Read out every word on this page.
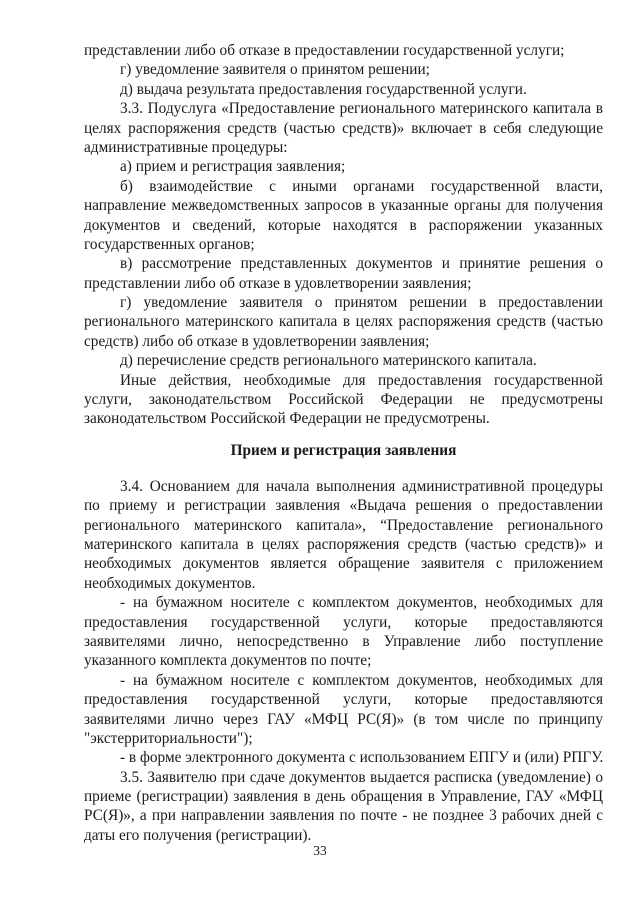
представлении либо об отказе в предоставлении государственной услуги;
г) уведомление заявителя о принятом решении;
д) выдача результата предоставления государственной услуги.
3.3. Подуслуга «Предоставление регионального материнского капитала в
целях распоряжения средств (частью средств)» включает в себя следующие
административные процедуры:
а) прием и регистрация заявления;
б) взаимодействие с иными органами государственной власти,
направление межведомственных запросов в указанные органы для получения
документов и сведений, которые находятся в распоряжении указанных
государственных органов;
в) рассмотрение представленных документов и принятие решения о
представлении либо об отказе в удовлетворении заявления;
г) уведомление заявителя о принятом решении в предоставлении
регионального материнского капитала в целях распоряжения средств (частью
средств) либо об отказе в удовлетворении заявления;
д) перечисление средств регионального материнского капитала.
Иные действия, необходимые для предоставления государственной
услуги, законодательством Российской Федерации не предусмотрены
законодательством Российской Федерации не предусмотрены.
Прием и регистрация заявления
3.4. Основанием для начала выполнения административной процедуры
по приему и регистрации заявления «Выдача решения о предоставлении
регионального материнского капитала», “Предоставление регионального
материнского капитала в целях распоряжения средств (частью средств)» и
необходимых документов является обращение заявителя с приложением
необходимых документов.
- на бумажном носителе с комплектом документов, необходимых для
предоставления государственной услуги, которые предоставляются
заявителями лично, непосредственно в Управление либо поступление
указанного комплекта документов по почте;
- на бумажном носителе с комплектом документов, необходимых для
предоставления государственной услуги, которые предоставляются
заявителями лично через ГАУ «МФЦ РС(Я)» (в том числе по принципу
"экстерриториальности");
- в форме электронного документа с использованием ЕПГУ и (или) РПГУ.
3.5. Заявителю при сдаче документов выдается расписка (уведомление) о
приеме (регистрации) заявления в день обращения в Управление, ГАУ «МФЦ
РС(Я)», а при направлении заявления по почте - не позднее 3 рабочих дней с
даты его получения (регистрации).
33
